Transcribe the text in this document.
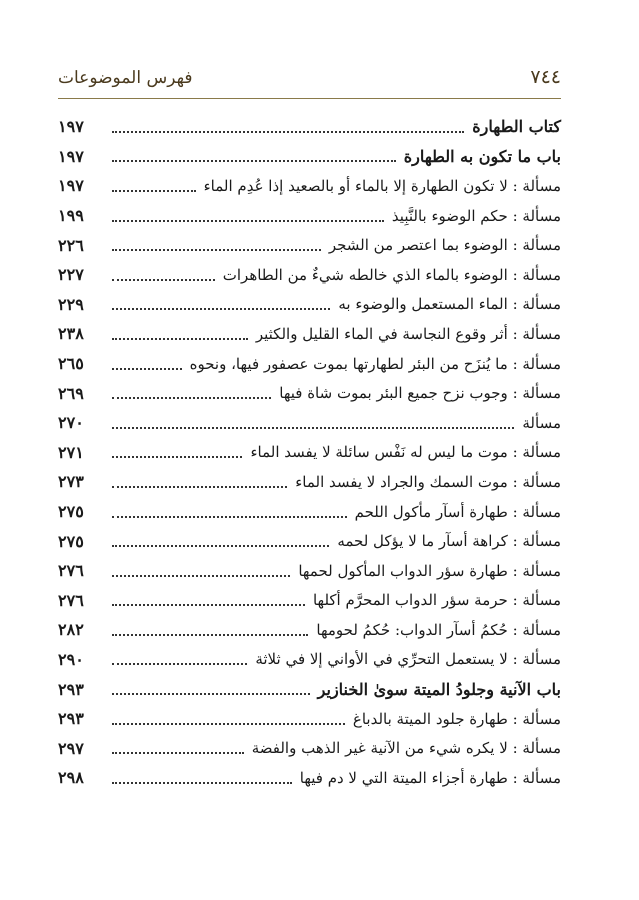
٧٤٤
فهرس الموضوعات
كتاب الطهارة
١٩٧
باب ما تكون به الطهارة
١٩٧
مسألة : لا تكون الطهارة إلا بالماء أو بالصعيد إذا عُدِم الماء
١٩٧
مسألة : حكم الوضوء بالنَّبِيذ
١٩٩
مسألة : الوضوء بما اعتصر من الشجر
٢٢٦
مسألة : الوضوء بالماء الذي خالطه شيءٌ من الطاهرات
٢٢٧
مسألة : الماء المستعمل والوضوء به
٢٢٩
مسألة : أثر وقوع النجاسة في الماء القليل والكثير
٢٣٨
مسألة : ما يُنزَح من البئر لطهارتها بموت عصفور فيها، ونحوه
٢٦٥
مسألة : وجوب نزح جميع البئر بموت شاة فيها
٢٦٩
مسألة
٢٧٠
مسألة : موت ما ليس له نَفْس سائلة لا يفسد الماء
٢٧١
مسألة : موت السمك والجراد لا يفسد الماء
٢٧٣
مسألة : طهارة أسآر مأكول اللحم
٢٧٥
مسألة : كراهة أسآر ما لا يؤكل لحمه
٢٧٥
مسألة : طهارة سؤر الدواب المأكول لحمها
٢٧٦
مسألة : حرمة سؤر الدواب المحرَّم أكلها
٢٧٦
مسألة : حُكمُ أسآر الدواب: حُكمُ لحومها
٢٨٢
مسألة : لا يستعمل التحرِّي في الأواني إلا في ثلاثة
٢٩٠
باب الآنية وجلودُ الميتة سوىٰ الخنازير
٢٩٣
مسألة : طهارة جلود الميتة بالدباغ
٢٩٣
مسألة : لا يكره شيء من الآنية غير الذهب والفضة
٢٩٧
مسألة : طهارة أجزاء الميتة التي لا دم فيها
٢٩٨
